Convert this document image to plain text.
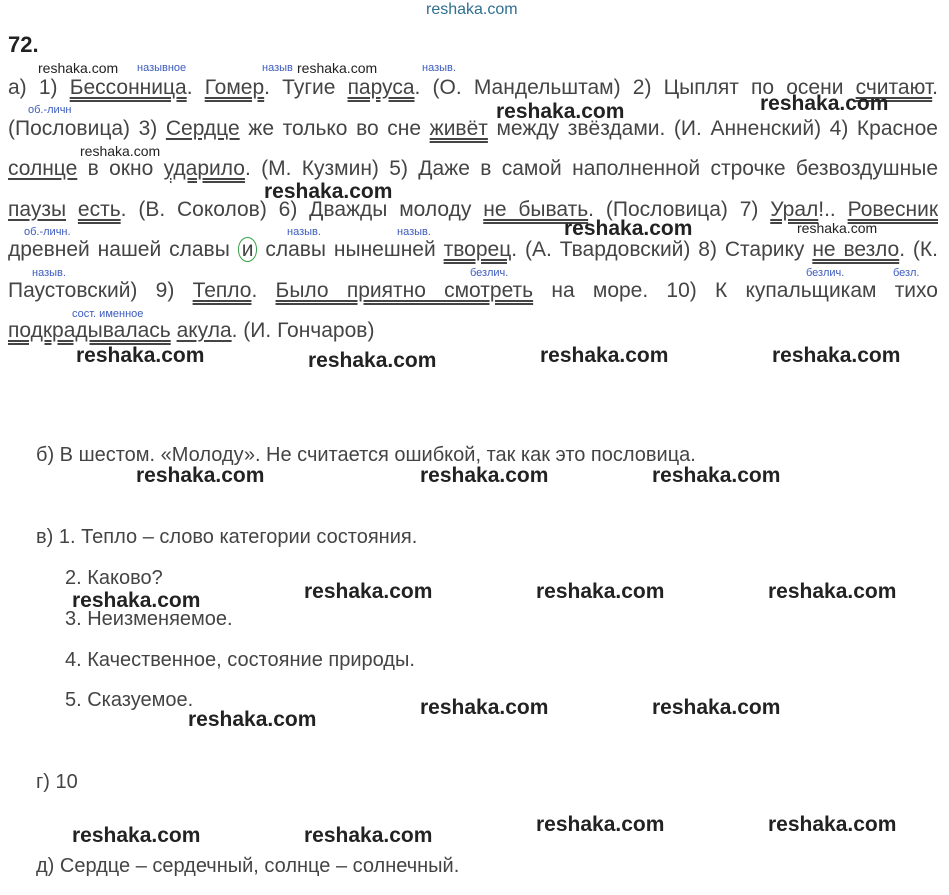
reshaka.com
72.
а) 1) Бессонница. Гомер. Тугие паруса. (О. Мандельштам) 2) Цыплят по осени считают. (Пословица) 3) Сердце же только во сне живёт между звёздами. (И. Анненский) 4) Красное солнце в окно ударило. (М. Кузмин) 5) Даже в самой наполненной строчке безвоздушные паузы есть. (В. Соколов) 6) Дважды молоду не бывать. (Пословица) 7) Урал!.. Ровесник древней нашей славы и славы нынешней творец. (А. Твардовский) 8) Старику не везло. (К. Паустовский) 9) Тепло. Было приятно смотреть на море. 10) К купальщикам тихо подкрадывалась акула. (И. Гончаров)
назывное	назыв	назыв.
об.-личн
об.-личн.	назыв.	назыв.
назыв.	безлич.	безлич.	безл.
сост. именное
б) В шестом. «Молоду». Не считается ошибкой, так как это пословица.
в) 1. Тепло – слово категории состояния.
2. Каково?
3. Неизменяемое.
4. Качественное, состояние природы.
5. Сказуемое.
г) 10
д) Сердце – сердечный, солнце – солнечный.
reshaka.com	reshaka.com
reshaka.com
reshaka.com
reshaka.com	reshaka.com
reshaka.com
reshaka.com
reshaka.com	reshaka.com	reshaka.com	reshaka.com
reshaka.com	reshaka.com	reshaka.com
reshaka.com	reshaka.com	reshaka.com	reshaka.com
reshaka.com
reshaka.com	reshaka.com
reshaka.com	reshaka.com	reshaka.com	reshaka.com
